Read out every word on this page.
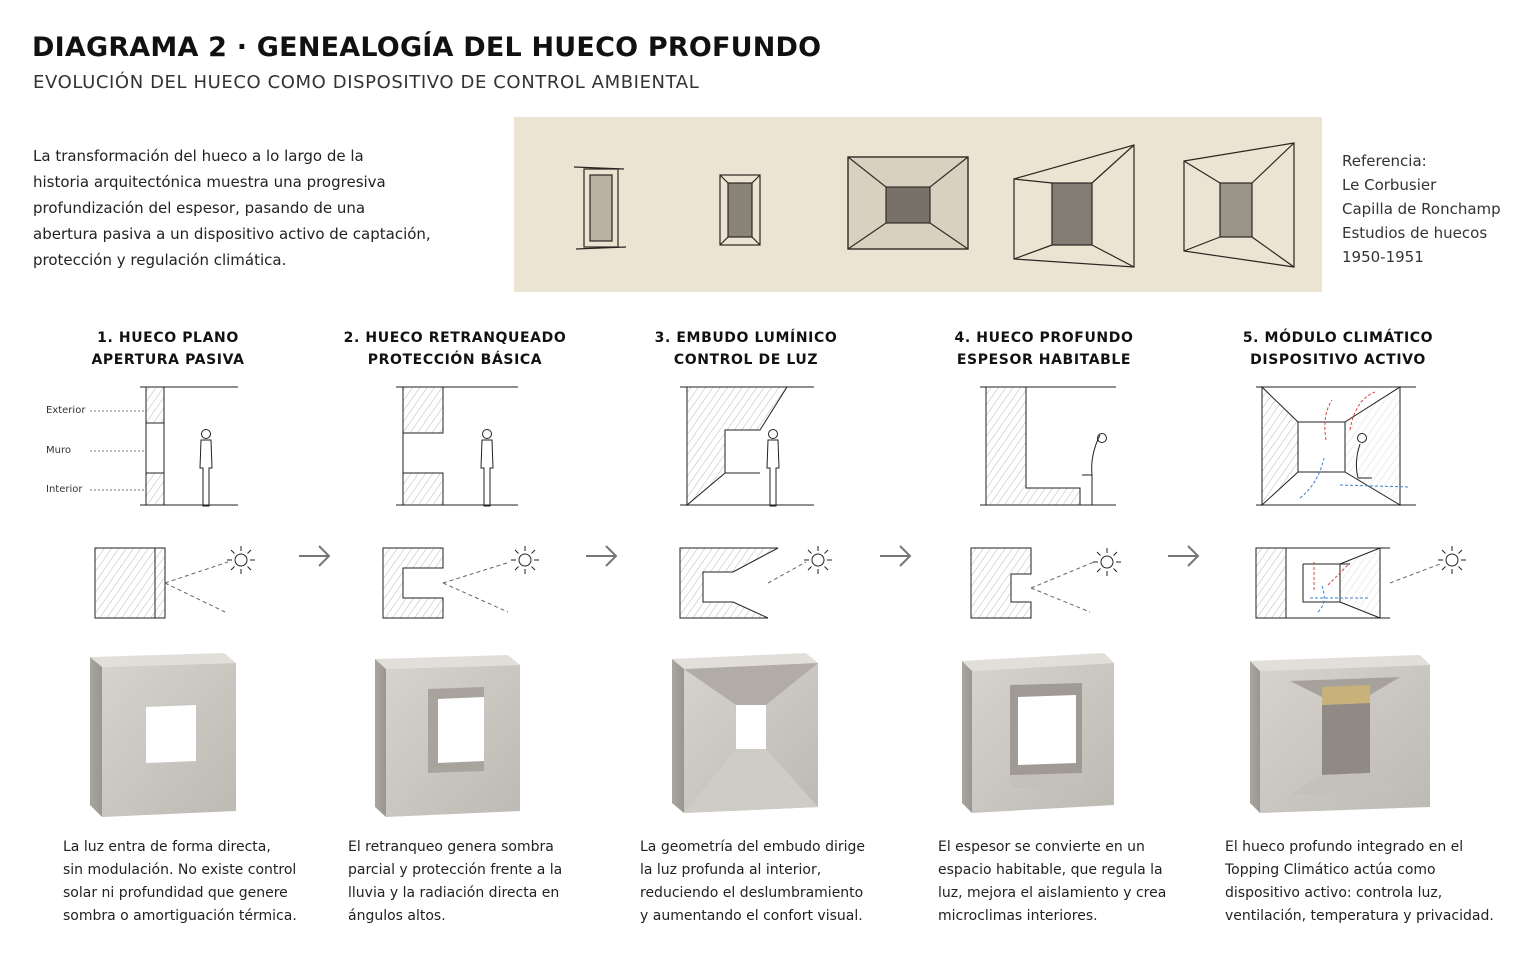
DIAGRAMA 2 · GENEALOGÍA DEL HUECO PROFUNDO
EVOLUCIÓN DEL HUECO COMO DISPOSITIVO DE CONTROL AMBIENTAL
La transformación del hueco a lo largo de la
historia arquitectónica muestra una progresiva
profundización del espesor, pasando de una
abertura pasiva a un dispositivo activo de captación,
protección y regulación climática.
Referencia:
Le Corbusier
Capilla de Ronchamp
Estudios de huecos
1950-1951
1. HUECO PLANO
APERTURA PASIVA
2. HUECO RETRANQUEADO
PROTECCIÓN BÁSICA
3. EMBUDO LUMÍNICO
CONTROL DE LUZ
4. HUECO PROFUNDO
ESPESOR HABITABLE
5. MÓDULO CLIMÁTICO
DISPOSITIVO ACTIVO
Exterior
Muro
Interior
La luz entra de forma directa,
sin modulación. No existe control
solar ni profundidad que genere
sombra o amortiguación térmica.
El retranqueo genera sombra
parcial y protección frente a la
lluvia y la radiación directa en
ángulos altos.
La geometría del embudo dirige
la luz profunda al interior,
reduciendo el deslumbramiento
y aumentando el confort visual.
El espesor se convierte en un
espacio habitable, que regula la
luz, mejora el aislamiento y crea
microclimas interiores.
El hueco profundo integrado en el
Topping Climático actúa como
dispositivo activo: controla luz,
ventilación, temperatura y privacidad.
